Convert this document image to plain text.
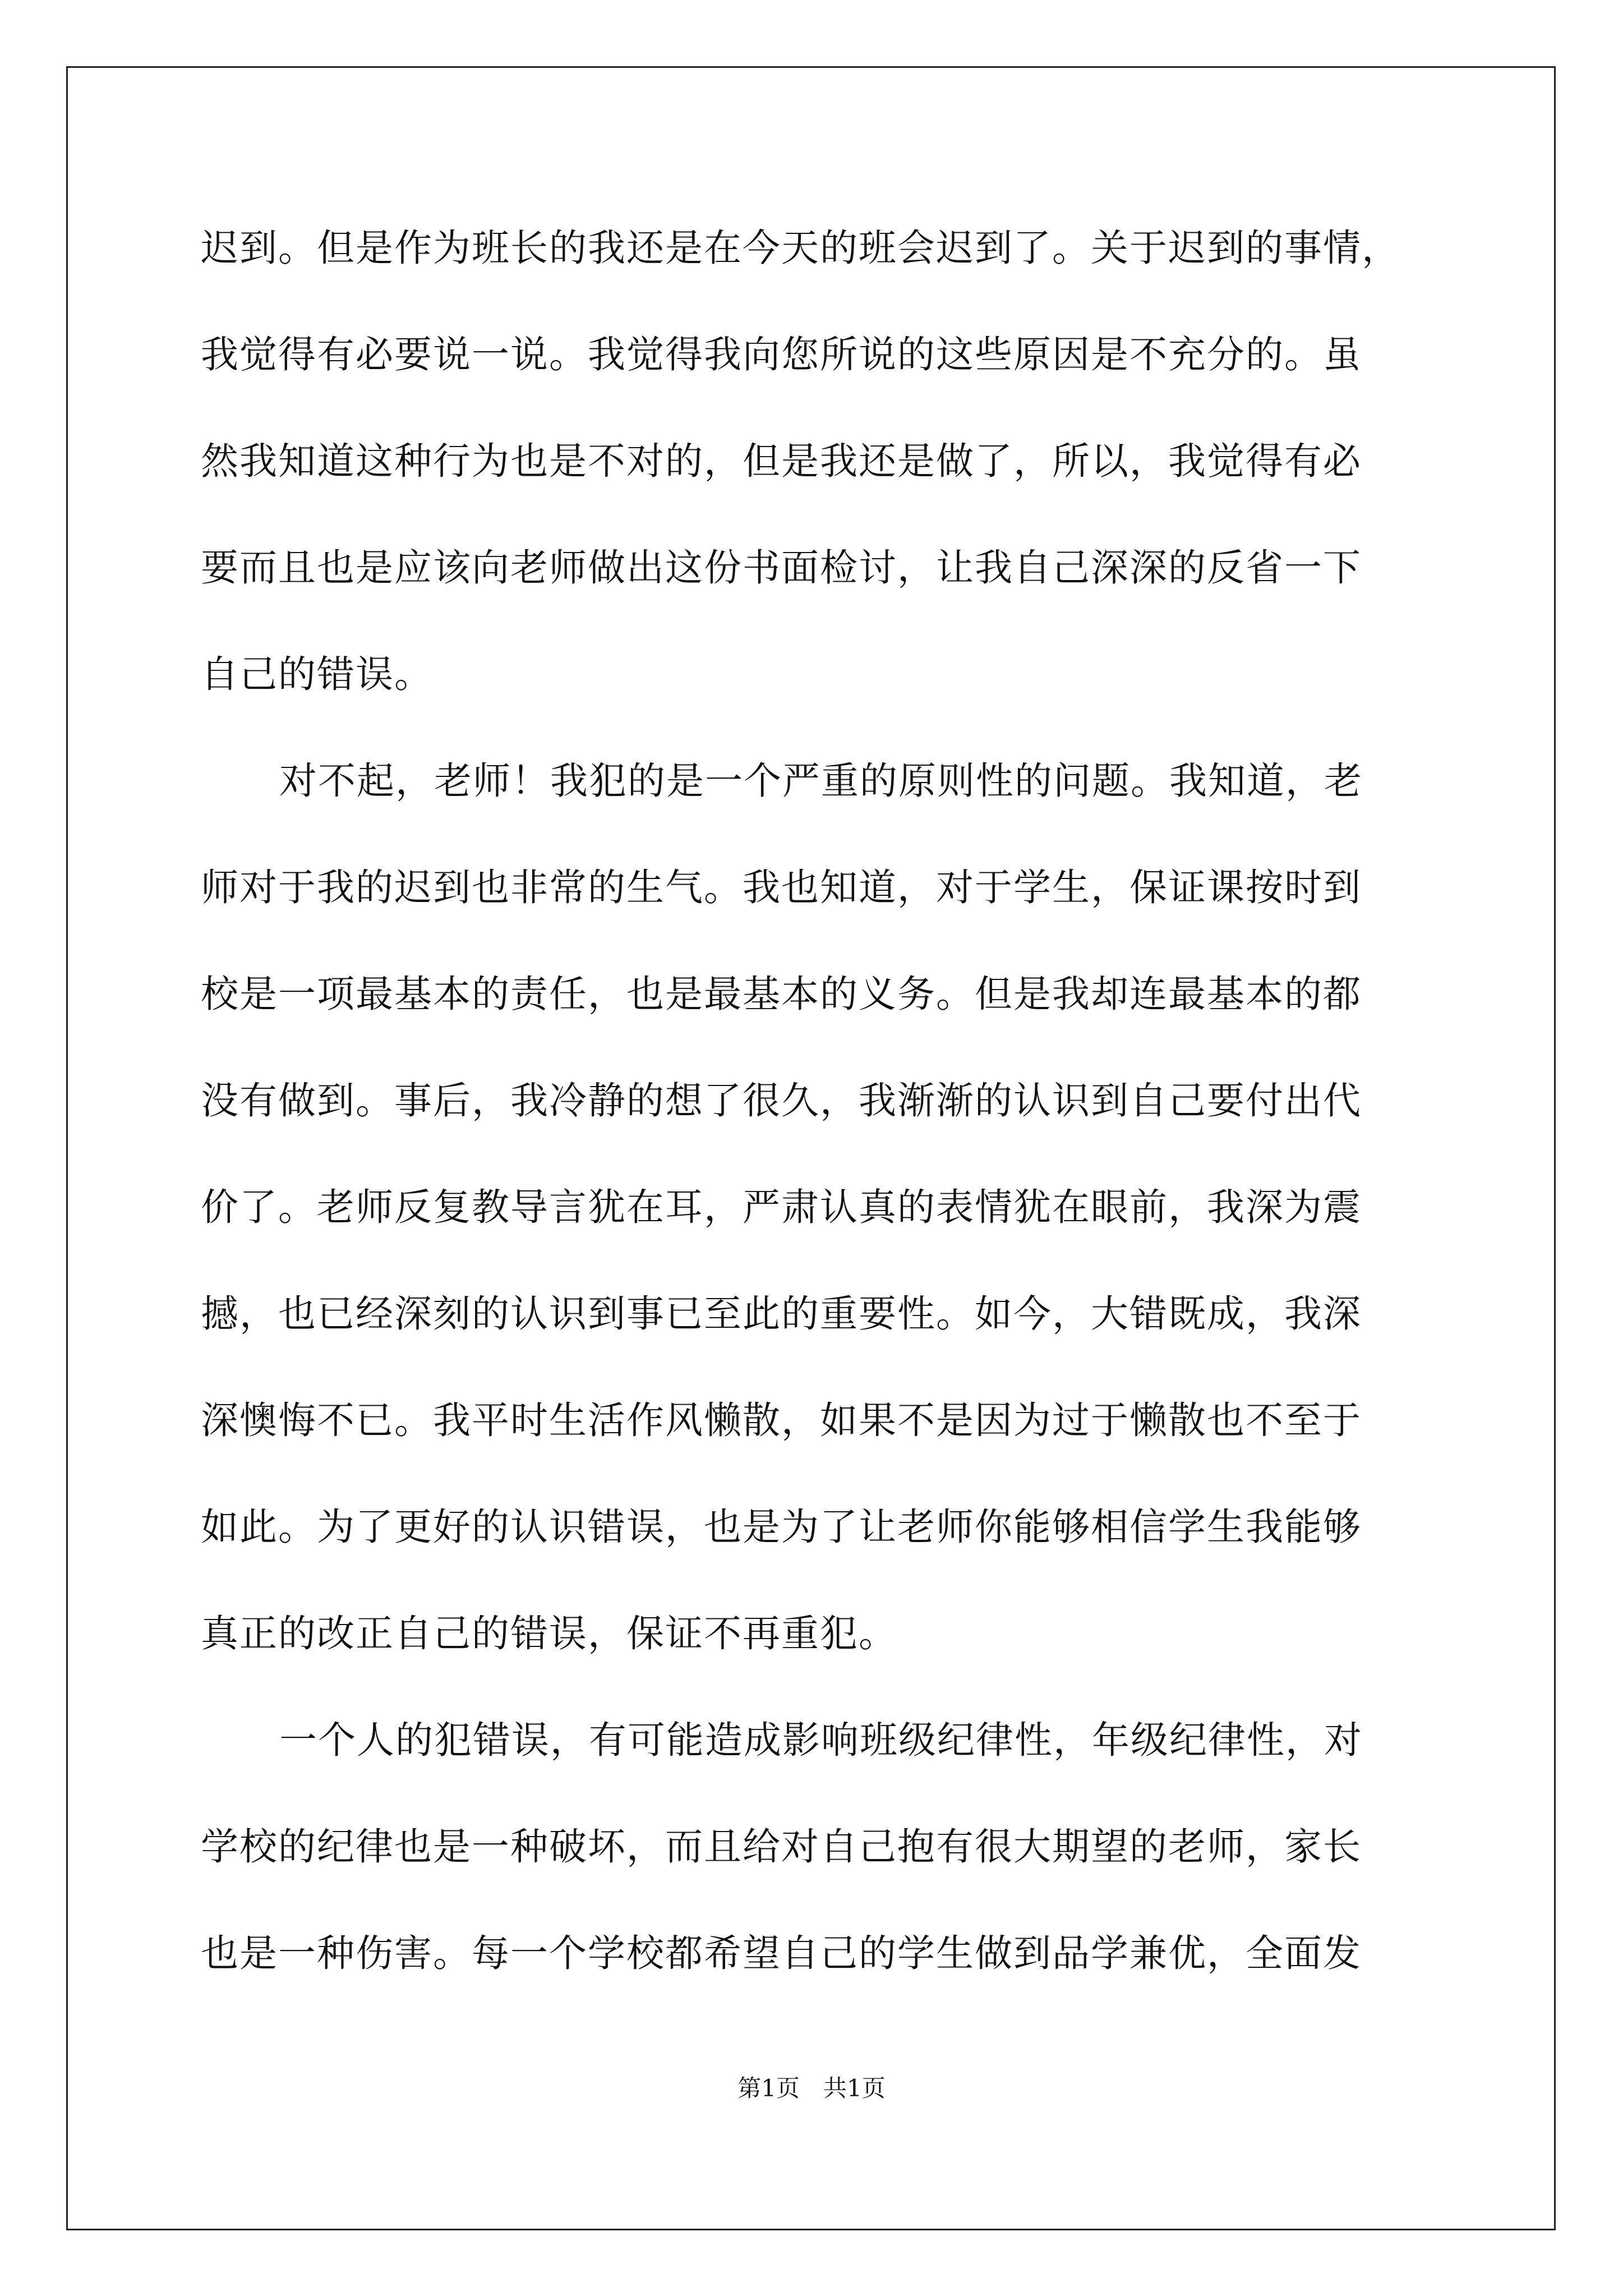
迟到。但是作为班长的我还是在今天的班会迟到了。关于迟到的事情，
我觉得有必要说一说。我觉得我向您所说的这些原因是不充分的。虽
然我知道这种行为也是不对的，但是我还是做了，所以，我觉得有必
要而且也是应该向老师做出这份书面检讨，让我自己深深的反省一下
自己的错误。
对不起，老师！我犯的是一个严重的原则性的问题。我知道，老
师对于我的迟到也非常的生气。我也知道，对于学生，保证课按时到
校是一项最基本的责任，也是最基本的义务。但是我却连最基本的都
没有做到。事后，我冷静的想了很久，我渐渐的认识到自己要付出代
价了。老师反复教导言犹在耳，严肃认真的表情犹在眼前，我深为震
撼，也已经深刻的认识到事已至此的重要性。如今，大错既成，我深
深懊悔不已。我平时生活作风懒散，如果不是因为过于懒散也不至于
如此。为了更好的认识错误，也是为了让老师你能够相信学生我能够
真正的改正自己的错误，保证不再重犯。
一个人的犯错误，有可能造成影响班级纪律性，年级纪律性，对
学校的纪律也是一种破坏，而且给对自己抱有很大期望的老师，家长
也是一种伤害。每一个学校都希望自己的学生做到品学兼优，全面发
第1页　共1页
